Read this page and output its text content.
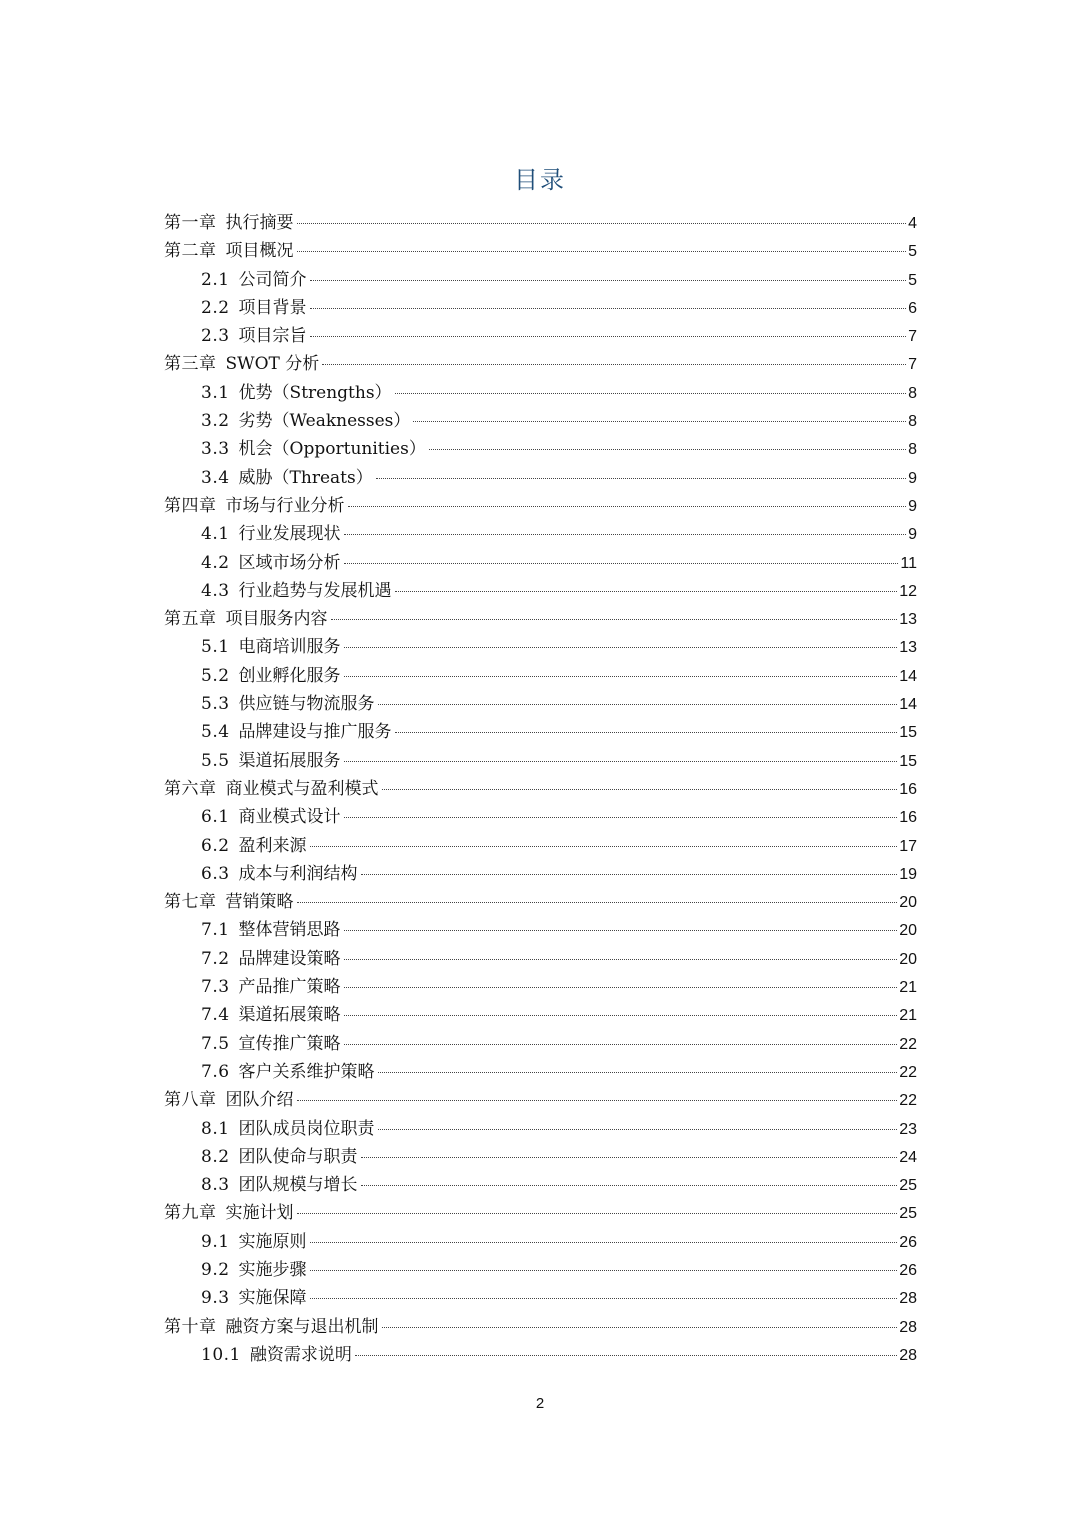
目录
第一章 执行摘要	4
第二章 项目概况	5
2.1 公司简介	5
2.2 项目背景	6
2.3 项目宗旨	7
第三章 SWOT 分析	7
3.1 优势（Strengths）	8
3.2 劣势（Weaknesses）	8
3.3 机会（Opportunities）	8
3.4 威胁（Threats）	9
第四章 市场与行业分析	9
4.1 行业发展现状	9
4.2 区域市场分析	11
4.3 行业趋势与发展机遇	12
第五章 项目服务内容	13
5.1 电商培训服务	13
5.2 创业孵化服务	14
5.3 供应链与物流服务	14
5.4 品牌建设与推广服务	15
5.5 渠道拓展服务	15
第六章 商业模式与盈利模式	16
6.1 商业模式设计	16
6.2 盈利来源	17
6.3 成本与利润结构	19
第七章 营销策略	20
7.1 整体营销思路	20
7.2 品牌建设策略	20
7.3 产品推广策略	21
7.4 渠道拓展策略	21
7.5 宣传推广策略	22
7.6 客户关系维护策略	22
第八章 团队介绍	22
8.1 团队成员岗位职责	23
8.2 团队使命与职责	24
8.3 团队规模与增长	25
第九章 实施计划	25
9.1 实施原则	26
9.2 实施步骤	26
9.3 实施保障	28
第十章 融资方案与退出机制	28
10.1 融资需求说明	28
2
